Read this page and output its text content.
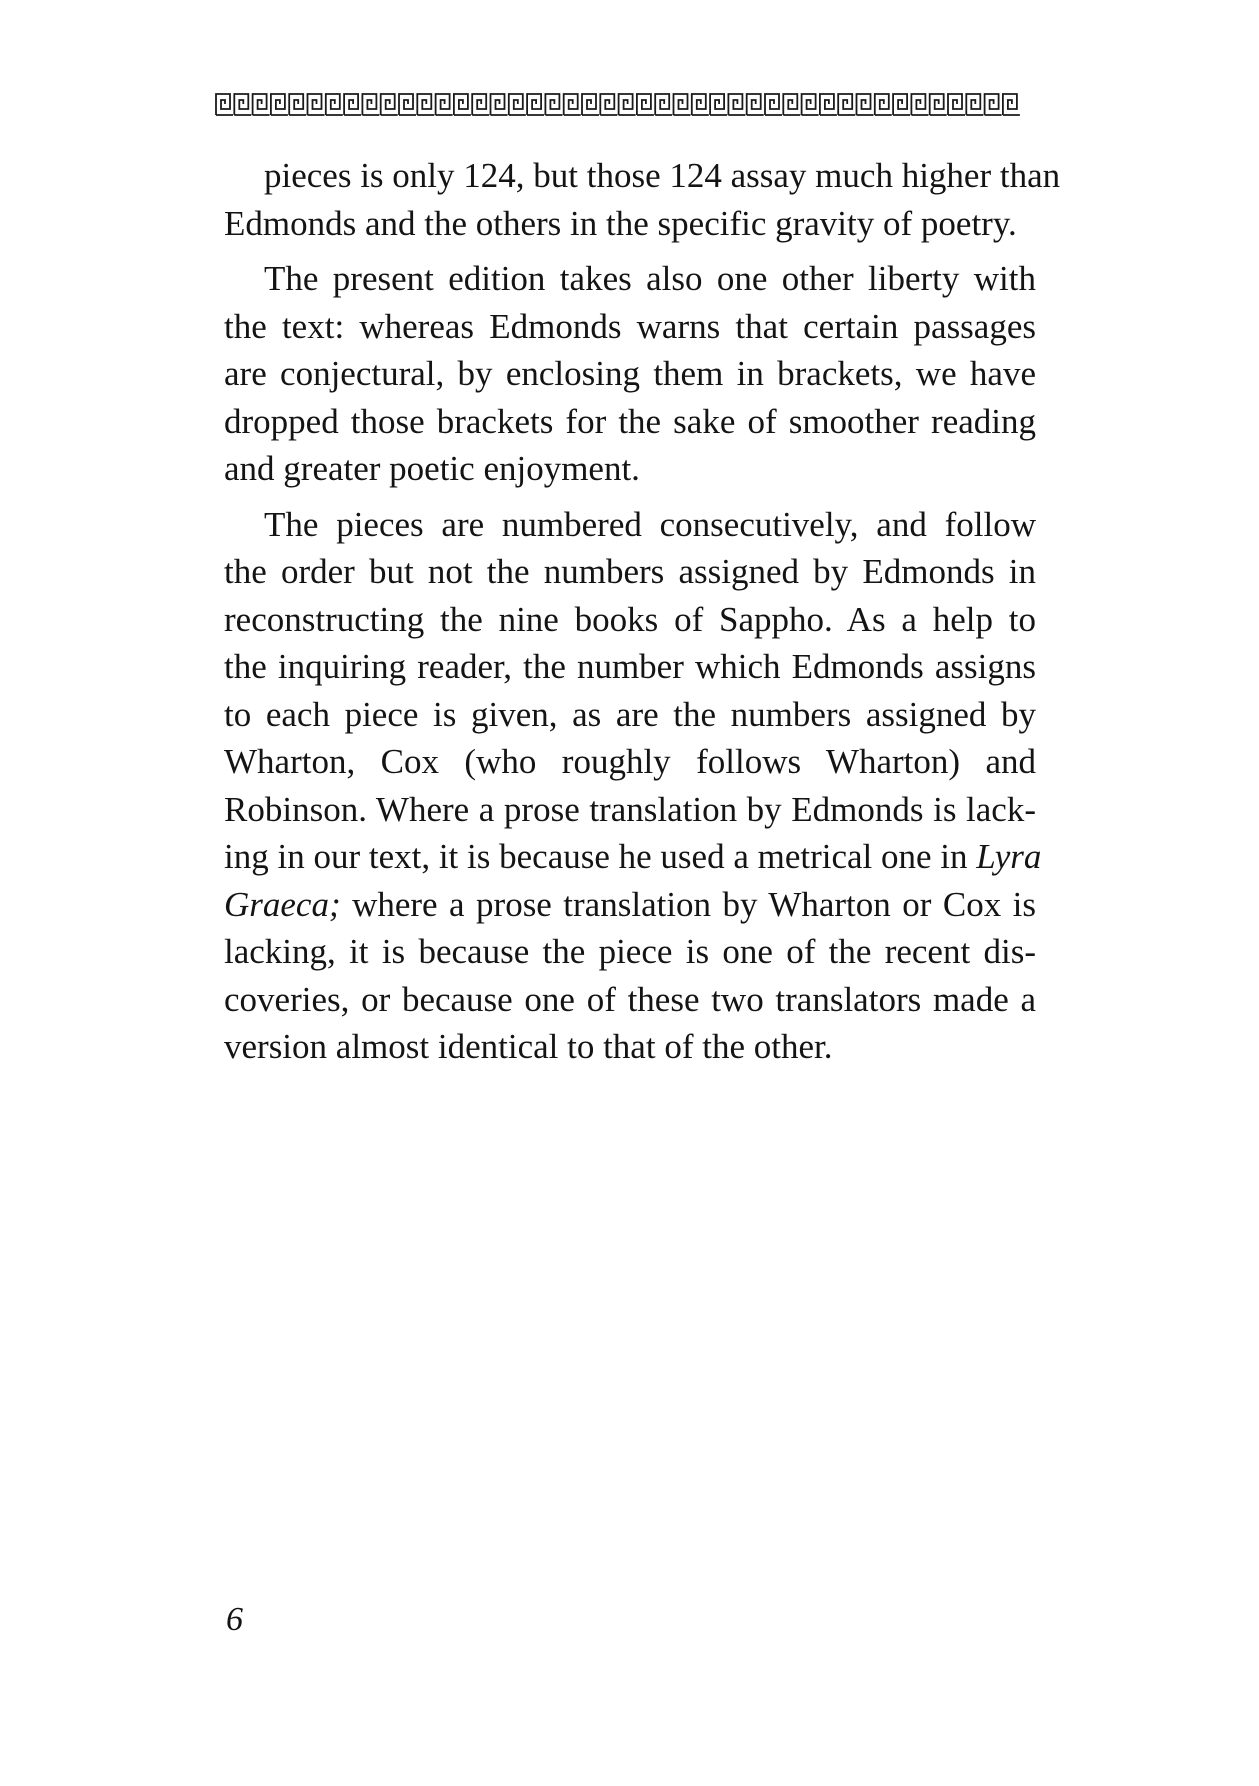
pieces is only 124, but those 124 assay much higher than
Edmonds and the others in the specific gravity of poetry.
The present edition takes also one other liberty with
the text: whereas Edmonds warns that certain passages
are conjectural, by enclosing them in brackets, we have
dropped those brackets for the sake of smoother reading
and greater poetic enjoyment.
The pieces are numbered consecutively, and follow
the order but not the numbers assigned by Edmonds in
reconstructing the nine books of Sappho. As a help to
the inquiring reader, the number which Edmonds assigns
to each piece is given, as are the numbers assigned by
Wharton, Cox (who roughly follows Wharton) and
Robinson. Where a prose translation by Edmonds is lack-
ing in our text, it is because he used a metrical one in Lyra
Graeca; where a prose translation by Wharton or Cox is
lacking, it is because the piece is one of the recent dis-
coveries, or because one of these two translators made a
version almost identical to that of the other.
6
